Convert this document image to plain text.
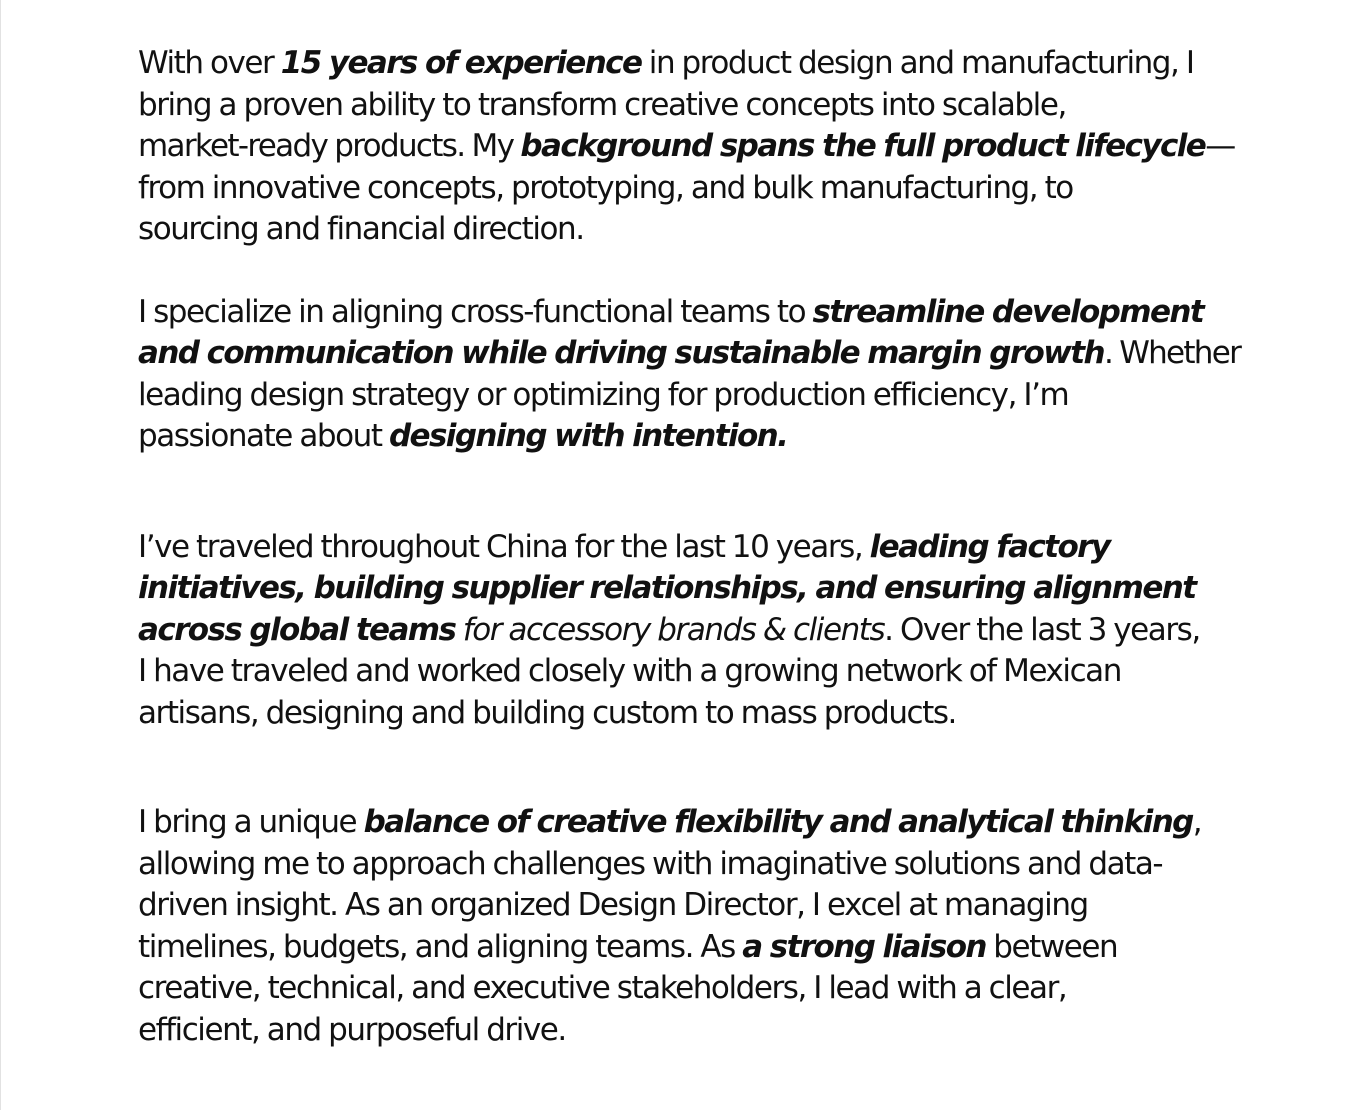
With over 15 years of experience in product design and manufacturing, I
bring a proven ability to transform creative concepts into scalable,
market-ready products. My background spans the full product lifecycle—
from innovative concepts, prototyping, and bulk manufacturing, to
sourcing and financial direction.

I specialize in aligning cross-functional teams to streamline development
and communication while driving sustainable margin growth. Whether
leading design strategy or optimizing for production efficiency, I’m
passionate about designing with intention.

I’ve traveled throughout China for the last 10 years, leading factory
initiatives, building supplier relationships, and ensuring alignment
across global teams for accessory brands & clients. Over the last 3 years,
I have traveled and worked closely with a growing network of Mexican
artisans, designing and building custom to mass products.

I bring a unique balance of creative flexibility and analytical thinking,
allowing me to approach challenges with imaginative solutions and data-
driven insight. As an organized Design Director, I excel at managing
timelines, budgets, and aligning teams. As a strong liaison between
creative, technical, and executive stakeholders, I lead with a clear,
efficient, and purposeful drive.
